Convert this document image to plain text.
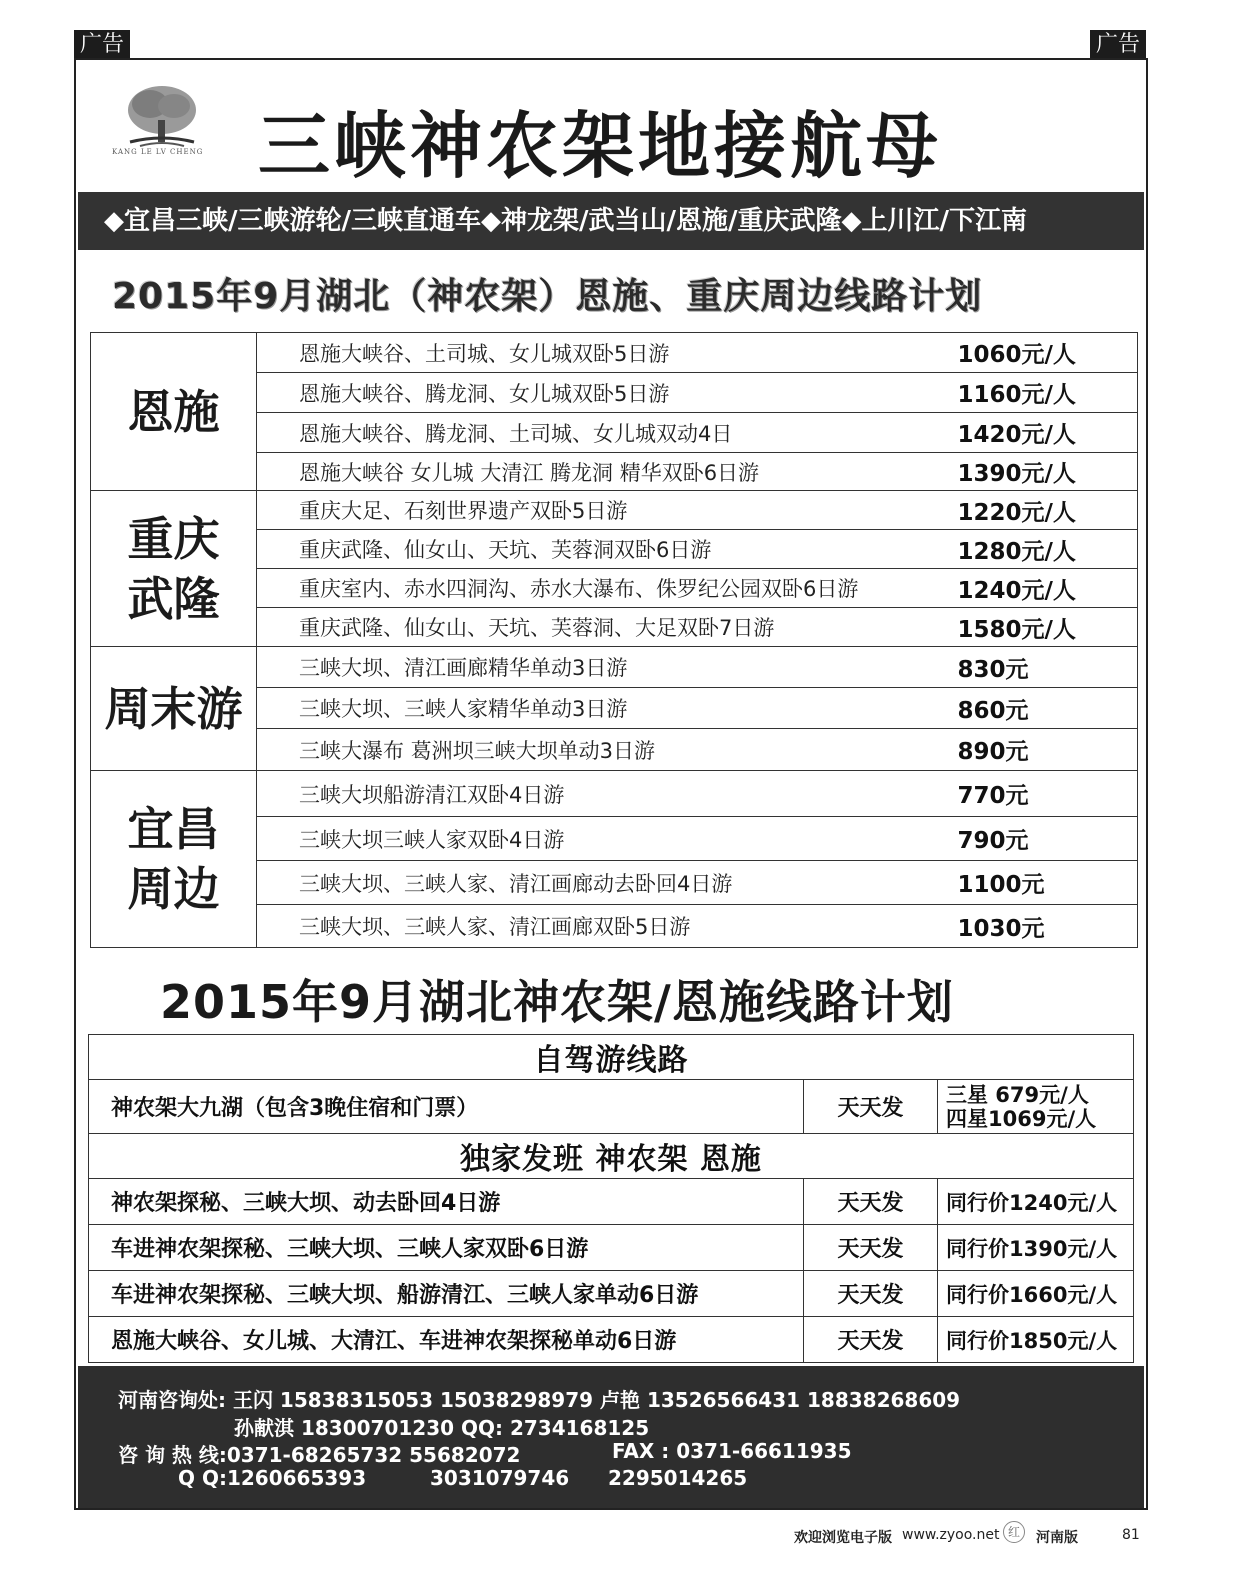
广告	广告
KANG LE LV CHENG 三峡神农架地接航母
◆宜昌三峡/三峡游轮/三峡直通车◆神龙架/武当山/恩施/重庆武隆◆上川江/下江南
2015年9月湖北（神农架）恩施、重庆周边线路计划
恩施	恩施大峡谷、土司城、女儿城双卧5日游	1060元/人
	恩施大峡谷、腾龙洞、女儿城双卧5日游	1160元/人
	恩施大峡谷、腾龙洞、土司城、女儿城双动4日	1420元/人
	恩施大峡谷 女儿城 大清江 腾龙洞 精华双卧6日游	1390元/人

重庆
武隆	重庆大足、石刻世界遗产双卧5日游	1220元/人
	重庆武隆、仙女山、天坑、芙蓉洞双卧6日游	1280元/人
	重庆室内、赤水四洞沟、赤水大瀑布、侏罗纪公园双卧6日游	1240元/人
	重庆武隆、仙女山、天坑、芙蓉洞、大足双卧7日游	1580元/人

周末游	三峡大坝、清江画廊精华单动3日游	830元
	三峡大坝、三峡人家精华单动3日游	860元
	三峡大瀑布 葛洲坝三峡大坝单动3日游	890元

宜昌
周边	三峡大坝船游清江双卧4日游	770元
	三峡大坝三峡人家双卧4日游	790元
	三峡大坝、三峡人家、清江画廊动去卧回4日游	1100元
	三峡大坝、三峡人家、清江画廊双卧5日游	1030元
2015年9月湖北神农架/恩施线路计划
自驾游线路		
神农架大九湖（包含3晚住宿和门票）	天天发	三星 679元/人
四星1069元/人

独家发班 神农架 恩施		
神农架探秘、三峡大坝、动去卧回4日游	天天发	同行价1240元/人
车进神农架探秘、三峡大坝、三峡人家双卧6日游	天天发	同行价1390元/人
车进神农架探秘、三峡大坝、船游清江、三峡人家单动6日游	天天发	同行价1660元/人
恩施大峡谷、女儿城、大清江、车进神农架探秘单动6日游	天天发	同行价1850元/人
河南咨询处: 王闪 15838315053 15038298979 卢艳 13526566431 18838268609
孙献淇 18300701230 QQ: 2734168125
咨 询 热 线:0371-68265732 55682072	FAX : 0371-66611935
Q Q:1260665393	3031079746 2295014265
欢迎浏览电子版 www.zyoo.net 红	河南版	81
